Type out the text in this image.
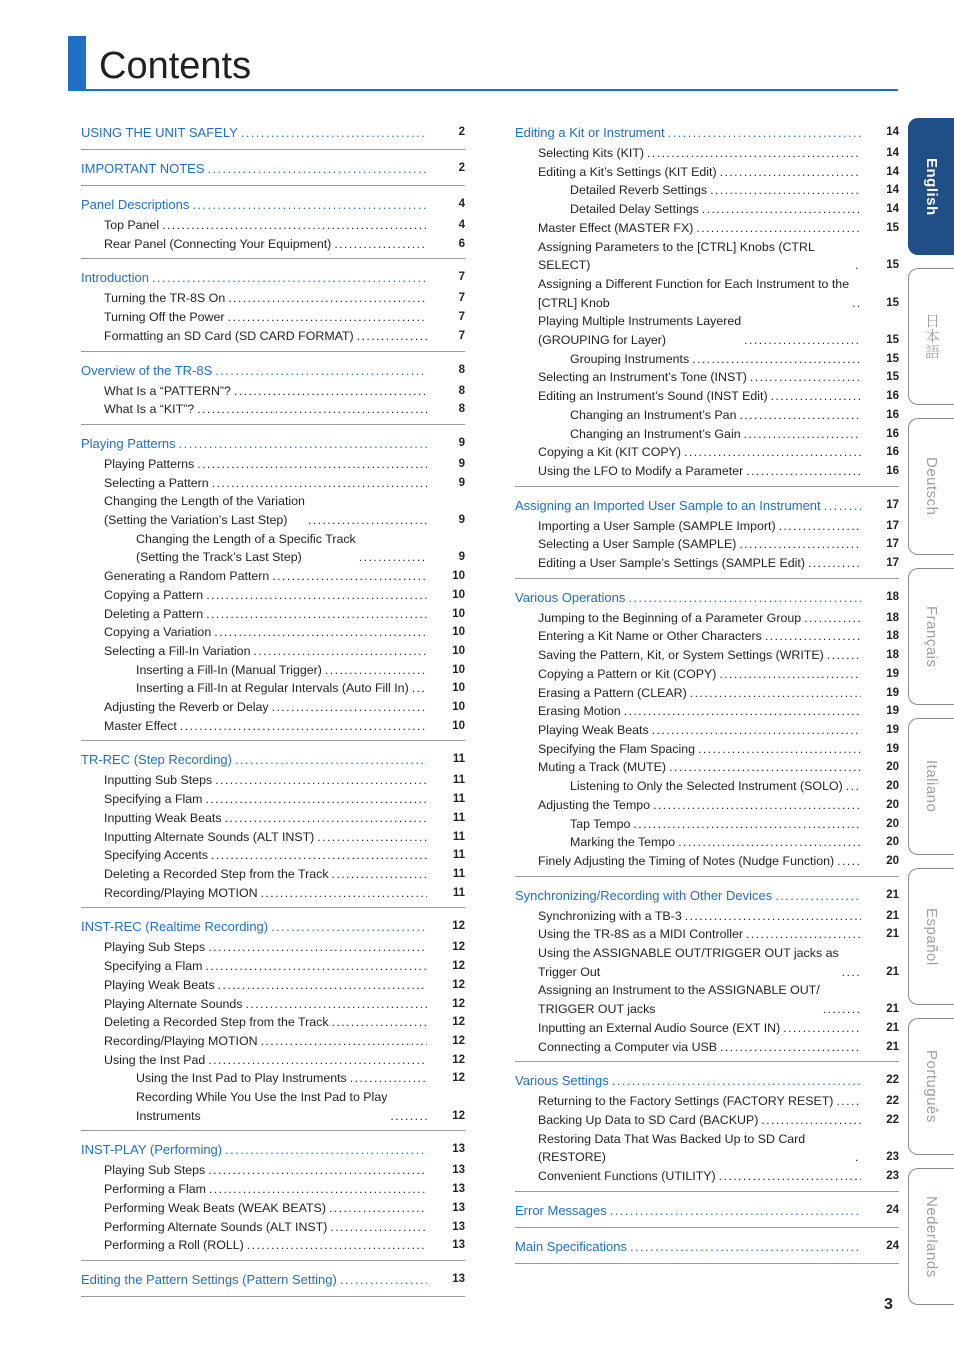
Contents
USING THE UNIT SAFELY .....	2
IMPORTANT NOTES .....	2
Panel Descriptions .....	4
Top Panel .....	4
Rear Panel (Connecting Your Equipment) .....	6
Introduction .....	7
Turning the TR-8S On .....	7
Turning Off the Power .....	7
Formatting an SD Card (SD CARD FORMAT) .....	7
Overview of the TR-8S .....	8
What Is a “PATTERN”? .....	8
What Is a “KIT”? .....	8
Playing Patterns .....	9
Playing Patterns .....	9
Selecting a Pattern .....	9
Changing the Length of the Variation
(Setting the Variation’s Last Step) .....	9
Changing the Length of a Specific Track
(Setting the Track’s Last Step) .....	9
Generating a Random Pattern .....	10
Copying a Pattern .....	10
Deleting a Pattern .....	10
Copying a Variation .....	10
Selecting a Fill-In Variation .....	10
Inserting a Fill-In (Manual Trigger) .....	10
Inserting a Fill-In at Regular Intervals (Auto Fill In) .....	10
Adjusting the Reverb or Delay .....	10
Master Effect .....	10
TR-REC (Step Recording) .....	11
Inputting Sub Steps .....	11
Specifying a Flam .....	11
Inputting Weak Beats .....	11
Inputting Alternate Sounds (ALT INST) .....	11
Specifying Accents .....	11
Deleting a Recorded Step from the Track .....	11
Recording/Playing MOTION .....	11
INST-REC (Realtime Recording) .....	12
Playing Sub Steps .....	12
Specifying a Flam .....	12
Playing Weak Beats .....	12
Playing Alternate Sounds .....	12
Deleting a Recorded Step from the Track .....	12
Recording/Playing MOTION .....	12
Using the Inst Pad .....	12
Using the Inst Pad to Play Instruments .....	12
Recording While You Use the Inst Pad to Play
Instruments .....	12
INST-PLAY (Performing) .....	13
Playing Sub Steps .....	13
Performing a Flam .....	13
Performing Weak Beats (WEAK BEATS) .....	13
Performing Alternate Sounds (ALT INST) .....	13
Performing a Roll (ROLL) .....	13
Editing the Pattern Settings (Pattern Setting) .....	13
Editing a Kit or Instrument .....	14
Selecting Kits (KIT) .....	14
Editing a Kit’s Settings (KIT Edit) .....	14
Detailed Reverb Settings .....	14
Detailed Delay Settings .....	14
Master Effect (MASTER FX) .....	15
Assigning Parameters to the [CTRL] Knobs (CTRL SELECT) .....	15
Assigning a Different Function for Each Instrument to the
[CTRL] Knob .....	15
Playing Multiple Instruments Layered
(GROUPING for Layer) .....	15
Grouping Instruments .....	15
Selecting an Instrument’s Tone (INST) .....	15
Editing an Instrument’s Sound (INST Edit) .....	16
Changing an Instrument’s Pan .....	16
Changing an Instrument’s Gain .....	16
Copying a Kit (KIT COPY) .....	16
Using the LFO to Modify a Parameter .....	16
Assigning an Imported User Sample to an Instrument .....	17
Importing a User Sample (SAMPLE Import) .....	17
Selecting a User Sample (SAMPLE) .....	17
Editing a User Sample’s Settings (SAMPLE Edit) .....	17
Various Operations .....	18
Jumping to the Beginning of a Parameter Group .....	18
Entering a Kit Name or Other Characters .....	18
Saving the Pattern, Kit, or System Settings (WRITE) .....	18
Copying a Pattern or Kit (COPY) .....	19
Erasing a Pattern (CLEAR) .....	19
Erasing Motion .....	19
Playing Weak Beats .....	19
Specifying the Flam Spacing .....	19
Muting a Track (MUTE) .....	20
Listening to Only the Selected Instrument (SOLO) .....	20
Adjusting the Tempo .....	20
Tap Tempo .....	20
Marking the Tempo .....	20
Finely Adjusting the Timing of Notes (Nudge Function) .....	20
Synchronizing/Recording with Other Devices .....	21
Synchronizing with a TB-3 .....	21
Using the TR-8S as a MIDI Controller .....	21
Using the ASSIGNABLE OUT/TRIGGER OUT jacks as
Trigger Out .....	21
Assigning an Instrument to the ASSIGNABLE OUT/
TRIGGER OUT jacks .....	21
Inputting an External Audio Source (EXT IN) .....	21
Connecting a Computer via USB .....	21
Various Settings .....	22
Returning to the Factory Settings (FACTORY RESET) .....	22
Backing Up Data to SD Card (BACKUP) .....	22
Restoring Data That Was Backed Up to SD Card (RESTORE) .....	23
Convenient Functions (UTILITY) .....	23
Error Messages .....	24
Main Specifications .....	24
English
日本語
Deutsch
Français
Italiano
Español
Português
Nederlands
3
